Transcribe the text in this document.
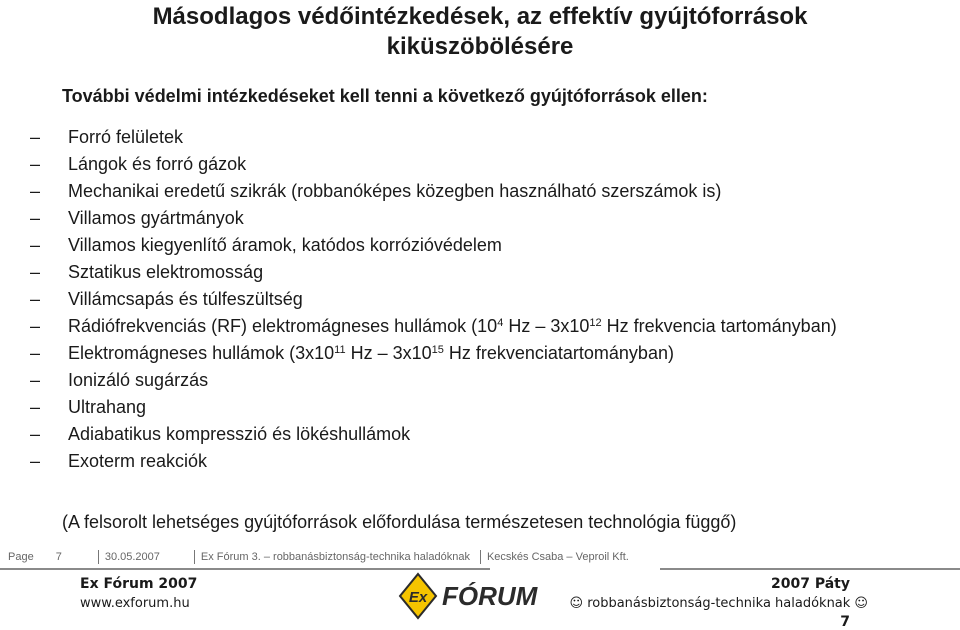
Másodlagos védőintézkedések, az effektív gyújtóforrások
kiküszöbölésére
További védelmi intézkedéseket kell tenni a következő gyújtóforrások ellen:
– Forró felületek
– Lángok és forró gázok
– Mechanikai eredetű szikrák (robbanóképes közegben használható szerszámok is)
– Villamos gyártmányok
– Villamos kiegyenlítő áramok, katódos korrózióvédelem
– Sztatikus elektromosság
– Villámcsapás és túlfeszültség
– Rádiófrekvenciás (RF) elektromágneses hullámok ($10^4$ Hz – $3x10^{12}$ Hz frekvencia tartományban)
– Elektromágneses hullámok ($3x10^{11}$ Hz – $3x10^{15}$ Hz frekvenciatartományban)
– Ionizáló sugárzás
– Ultrahang
– Adiabatikus kompresszió és lökéshullámok
– Exoterm reakciók
(A felsorolt lehetséges gyújtóforrások előfordulása természetesen technológia függő)
Page 7	30.05.2007	Ex Fórum 3. – robbanásbiztonság-technika haladóknak Kecskés Csaba – Veproil Kft.
Ex Fórum 2007	2007 Páty
www.exforum.hu	☺ robbanásbiztonság-technika haladóknak ☺
7
Ex FÓRUM
